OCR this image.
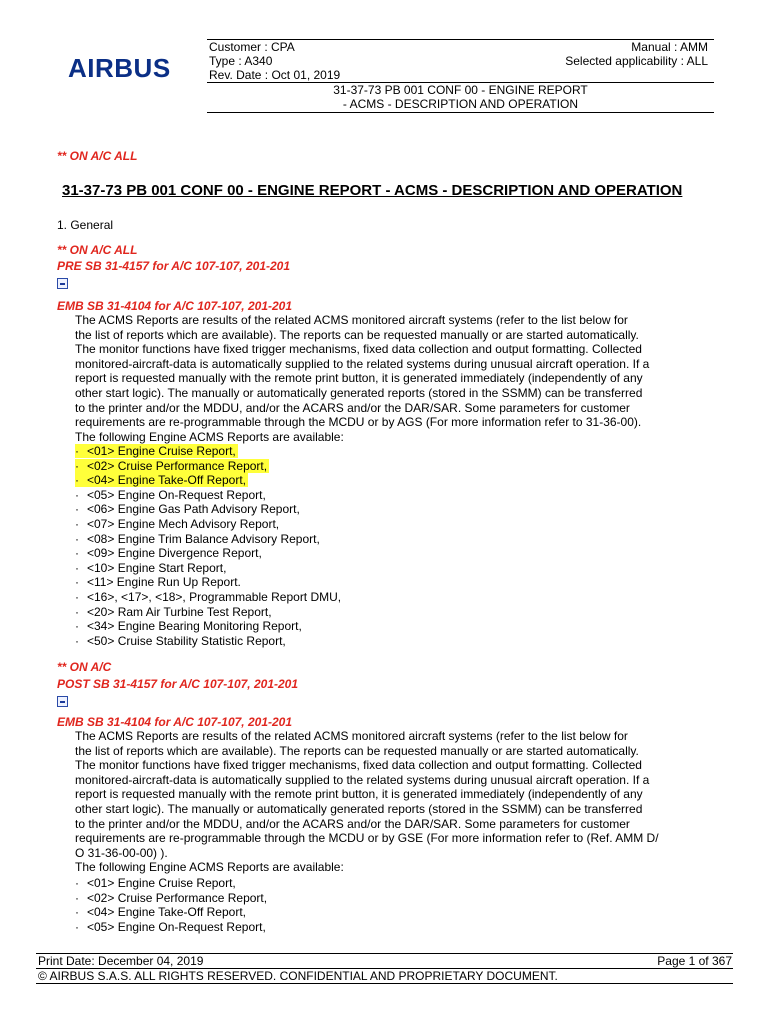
AIRBUS
Customer : CPA	Manual : AMM
Type : A340	Selected applicability : ALL
Rev. Date : Oct 01, 2019
31-37-73 PB 001 CONF 00 - ENGINE REPORT
- ACMS - DESCRIPTION AND OPERATION
** ON A/C ALL
31-37-73 PB 001 CONF 00 - ENGINE REPORT - ACMS - DESCRIPTION AND OPERATION
1. General
** ON A/C ALL
PRE SB 31-4157 for A/C 107-107, 201-201
EMB SB 31-4104 for A/C 107-107, 201-201
The ACMS Reports are results of the related ACMS monitored aircraft systems (refer to the list below for
the list of reports which are available). The reports can be requested manually or are started automatically.
The monitor functions have fixed trigger mechanisms, fixed data collection and output formatting. Collected
monitored-aircraft-data is automatically supplied to the related systems during unusual aircraft operation. If a
report is requested manually with the remote print button, it is generated immediately (independently of any
other start logic). The manually or automatically generated reports (stored in the SSMM) can be transferred
to the printer and/or the MDDU, and/or the ACARS and/or the DAR/SAR. Some parameters for customer
requirements are re-programmable through the MCDU or by AGS (For more information refer to 31-36-00).
The following Engine ACMS Reports are available:
· <01> Engine Cruise Report,
· <02> Cruise Performance Report,
· <04> Engine Take-Off Report,
· <05> Engine On-Request Report,
· <06> Engine Gas Path Advisory Report,
· <07> Engine Mech Advisory Report,
· <08> Engine Trim Balance Advisory Report,
· <09> Engine Divergence Report,
· <10> Engine Start Report,
· <11> Engine Run Up Report.
· <16>, <17>, <18>, Programmable Report DMU,
· <20> Ram Air Turbine Test Report,
· <34> Engine Bearing Monitoring Report,
· <50> Cruise Stability Statistic Report,
** ON A/C
POST SB 31-4157 for A/C 107-107, 201-201
EMB SB 31-4104 for A/C 107-107, 201-201
The ACMS Reports are results of the related ACMS monitored aircraft systems (refer to the list below for
the list of reports which are available). The reports can be requested manually or are started automatically.
The monitor functions have fixed trigger mechanisms, fixed data collection and output formatting. Collected
monitored-aircraft-data is automatically supplied to the related systems during unusual aircraft operation. If a
report is requested manually with the remote print button, it is generated immediately (independently of any
other start logic). The manually or automatically generated reports (stored in the SSMM) can be transferred
to the printer and/or the MDDU, and/or the ACARS and/or the DAR/SAR. Some parameters for customer
requirements are re-programmable through the MCDU or by GSE (For more information refer to (Ref. AMM D/
O 31-36-00-00) ).
The following Engine ACMS Reports are available:
· <01> Engine Cruise Report,
· <02> Cruise Performance Report,
· <04> Engine Take-Off Report,
· <05> Engine On-Request Report,
Print Date: December 04, 2019	Page 1 of 367
© AIRBUS S.A.S. ALL RIGHTS RESERVED. CONFIDENTIAL AND PROPRIETARY DOCUMENT.
